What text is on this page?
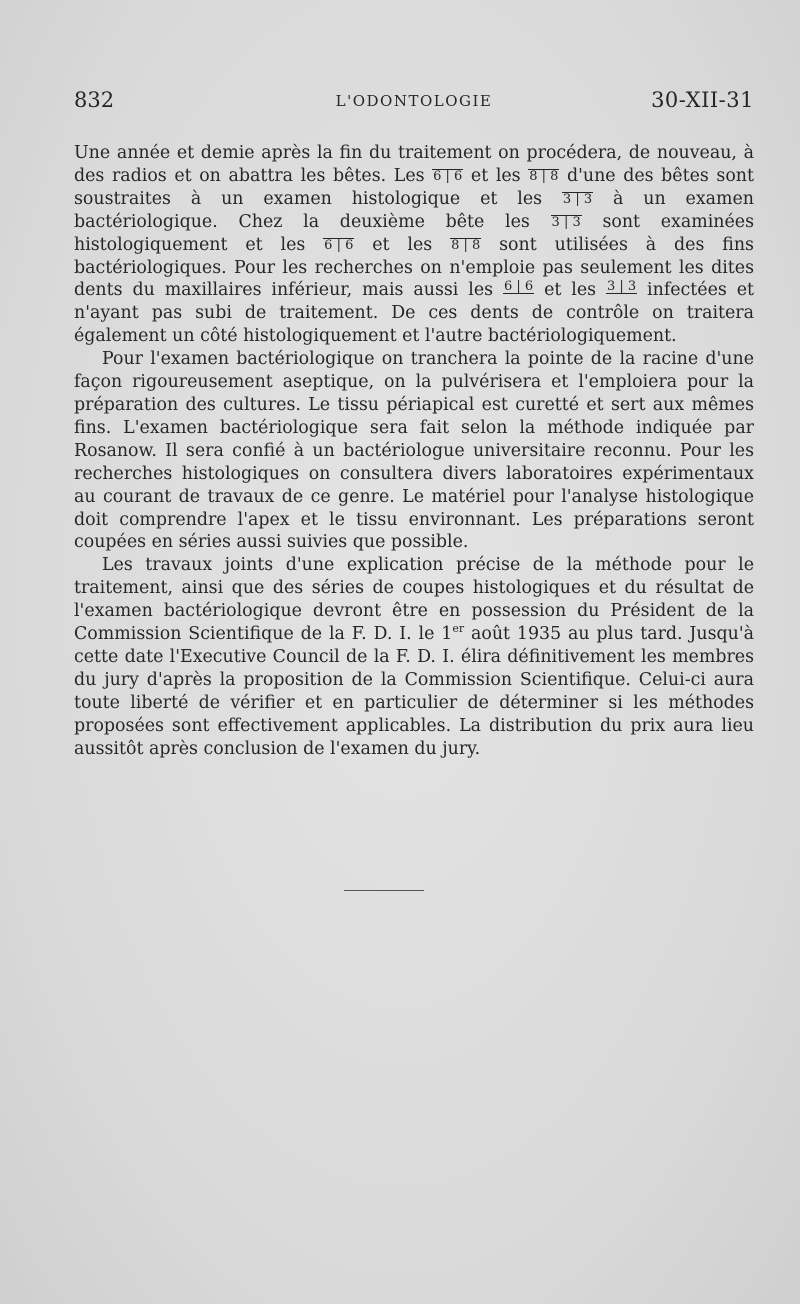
832	L'ODONTOLOGIE	30-XII-31

Une année et demie après la fin du traitement on procédera, de nouveau, à des radios et on abattra les bêtes. Les 6 | 6 et les 8 | 8 d'une des bêtes sont soustraites à un examen histologique et les 3 | 3 à un examen bactériologique. Chez la deuxième bête les 3 | 3 sont examinées histologiquement et les 6 | 6 et les 8 | 8 sont utilisées à des fins bactériologiques. Pour les recherches on n'emploie pas seulement les dites dents du maxillaires inférieur, mais aussi les 6 | 6 et les 3 | 3 infectées et n'ayant pas subi de traitement. De ces dents de contrôle on traitera également un côté histologiquement et l'autre bactériologiquement.

Pour l'examen bactériologique on tranchera la pointe de la racine d'une façon rigoureusement aseptique, on la pulvérisera et l'emploiera pour la préparation des cultures. Le tissu périapical est curetté et sert aux mêmes fins. L'examen bactériologique sera fait selon la méthode indiquée par Rosanow. Il sera confié à un bactériologue universitaire reconnu. Pour les recherches histologiques on consultera divers laboratoires expérimentaux au courant de travaux de ce genre. Le matériel pour l'analyse histologique doit comprendre l'apex et le tissu environnant. Les préparations seront coupées en séries aussi suivies que possible.

Les travaux joints d'une explication précise de la méthode pour le traitement, ainsi que des séries de coupes histologiques et du résultat de l'examen bactériologique devront être en possession du Président de la Commission Scientifique de la F. D. I. le 1er août 1935 au plus tard. Jusqu'à cette date l'Executive Council de la F. D. I. élira définitivement les membres du jury d'après la proposition de la Commission Scientifique. Celui-ci aura toute liberté de vérifier et en particulier de déterminer si les méthodes proposées sont effectivement applicables. La distribution du prix aura lieu aussitôt après conclusion de l'examen du jury.
